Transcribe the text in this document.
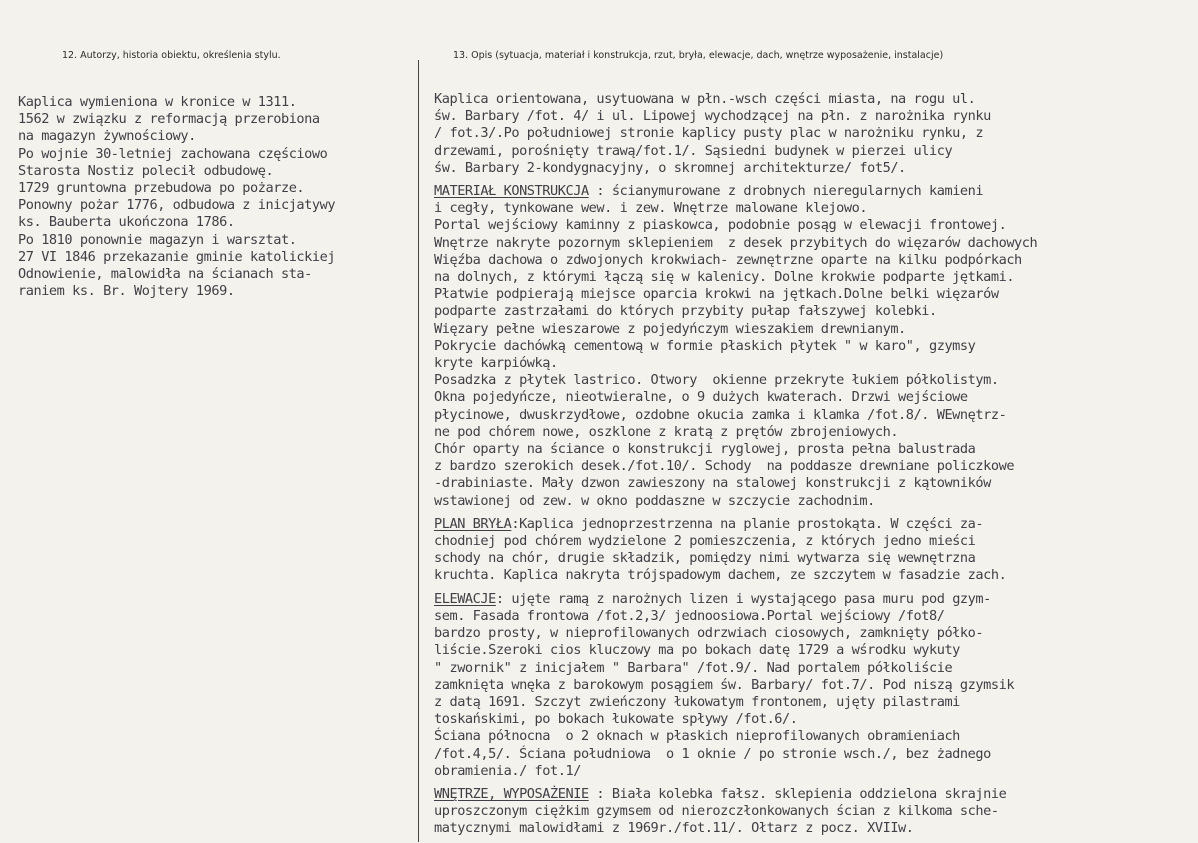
12. Autorzy, historia obiektu, określenia stylu.	13. Opis (sytuacja, materiał i konstrukcja, rzut, bryła, elewacje, dach, wnętrze wyposażenie, instalacje)
Kaplica wymieniona w kronice w 1311.
1562 w związku z reformacją przerobiona
na magazyn żywnościowy.
Po wojnie 30-letniej zachowana częściowo
Starosta Nostiz polecił odbudowę.
1729 gruntowna przebudowa po pożarze.
Ponowny pożar 1776, odbudowa z inicjatywy
ks. Bauberta ukończona 1786.
Po 1810 ponownie magazyn i warsztat.
27 VI 1846 przekazanie gminie katolickiej
Odnowienie, malowidła na ścianach sta-
raniem ks. Br. Wojtery 1969.
Kaplica orientowana, usytuowana w płn.-wsch części miasta, na rogu ul.
św. Barbary /fot. 4/ i ul. Lipowej wychodzącej na płn. z narożnika rynku
/ fot.3/.Po południowej stronie kaplicy pusty plac w narożniku rynku, z
drzewami, porośnięty trawą/fot.1/. Sąsiedni budynek w pierzei ulicy
św. Barbary 2-kondygnacyjny, o skromnej architekturze/ fot5/.
MATERIAŁ KONSTRUKCJA : ścianymurowane z drobnych nieregularnych kamieni
i cegły, tynkowane wew. i zew. Wnętrze malowane klejowo.
Portal wejściowy kaminny z piaskowca, podobnie posąg w elewacji frontowej.
Wnętrze nakryte pozornym sklepieniem  z desek przybitych do więzarów dachowych
Więźba dachowa o zdwojonych krokwiach- zewnętrzne oparte na kilku podpórkach
na dolnych, z którymi łączą się w kalenicy. Dolne krokwie podparte jętkami.
Płatwie podpierają miejsce oparcia krokwi na jętkach.Dolne belki więzarów
podparte zastrzałami do których przybity pułap fałszywej kolebki.
Więzary pełne wieszarowe z pojedyńczym wieszakiem drewnianym.
Pokrycie dachówką cementową w formie płaskich płytek " w karo", gzymsy
kryte karpiówką.
Posadzka z płytek lastrico. Otwory  okienne przekryte łukiem półkolistym.
Okna pojedyńcze, nieotwieralne, o 9 dużych kwaterach. Drzwi wejściowe
płycinowe, dwuskrzydłowe, ozdobne okucia zamka i klamka /fot.8/. WEwnętrz-
ne pod chórem nowe, oszklone z kratą z prętów zbrojeniowych.
Chór oparty na ściance o konstrukcji ryglowej, prosta pełna balustrada
z bardzo szerokich desek./fot.10/. Schody  na poddasze drewniane policzkowe
-drabiniaste. Mały dzwon zawieszony na stalowej konstrukcji z kątowników
wstawionej od zew. w okno poddaszne w szczycie zachodnim.
PLAN BRYŁA:Kaplica jednoprzestrzenna na planie prostokąta. W części za-
chodniej pod chórem wydzielone 2 pomieszczenia, z których jedno mieści
schody na chór, drugie składzik, pomiędzy nimi wytwarza się wewnętrzna
kruchta. Kaplica nakryta trójspadowym dachem, ze szczytem w fasadzie zach.
ELEWACJE: ujęte ramą z narożnych lizen i wystającego pasa muru pod gzym-
sem. Fasada frontowa /fot.2,3/ jednoosiowa.Portal wejściowy /fot8/
bardzo prosty, w nieprofilowanych odrzwiach ciosowych, zamknięty półko-
liście.Szeroki cios kluczowy ma po bokach datę 1729 a wśrodku wykuty
" zwornik" z inicjałem " Barbara" /fot.9/. Nad portalem półkoliście
zamknięta wnęka z barokowym posągiem św. Barbary/ fot.7/. Pod niszą gzymsik
z datą 1691. Szczyt zwieńczony łukowatym frontonem, ujęty pilastrami
toskańskimi, po bokach łukowate spływy /fot.6/.
Ściana północna  o 2 oknach w płaskich nieprofilowanych obramieniach
/fot.4,5/. Ściana południowa  o 1 oknie / po stronie wsch./, bez żadnego
obramienia./ fot.1/
WNĘTRZE, WYPOSAŻENIE : Biała kolebka fałsz. sklepienia oddzielona skrajnie
uproszczonym ciężkim gzymsem od nierozczłonkowanych ścian z kilkoma sche-
matycznymi malowidłami z 1969r./fot.11/. Ołtarz z pocz. XVIIw.
